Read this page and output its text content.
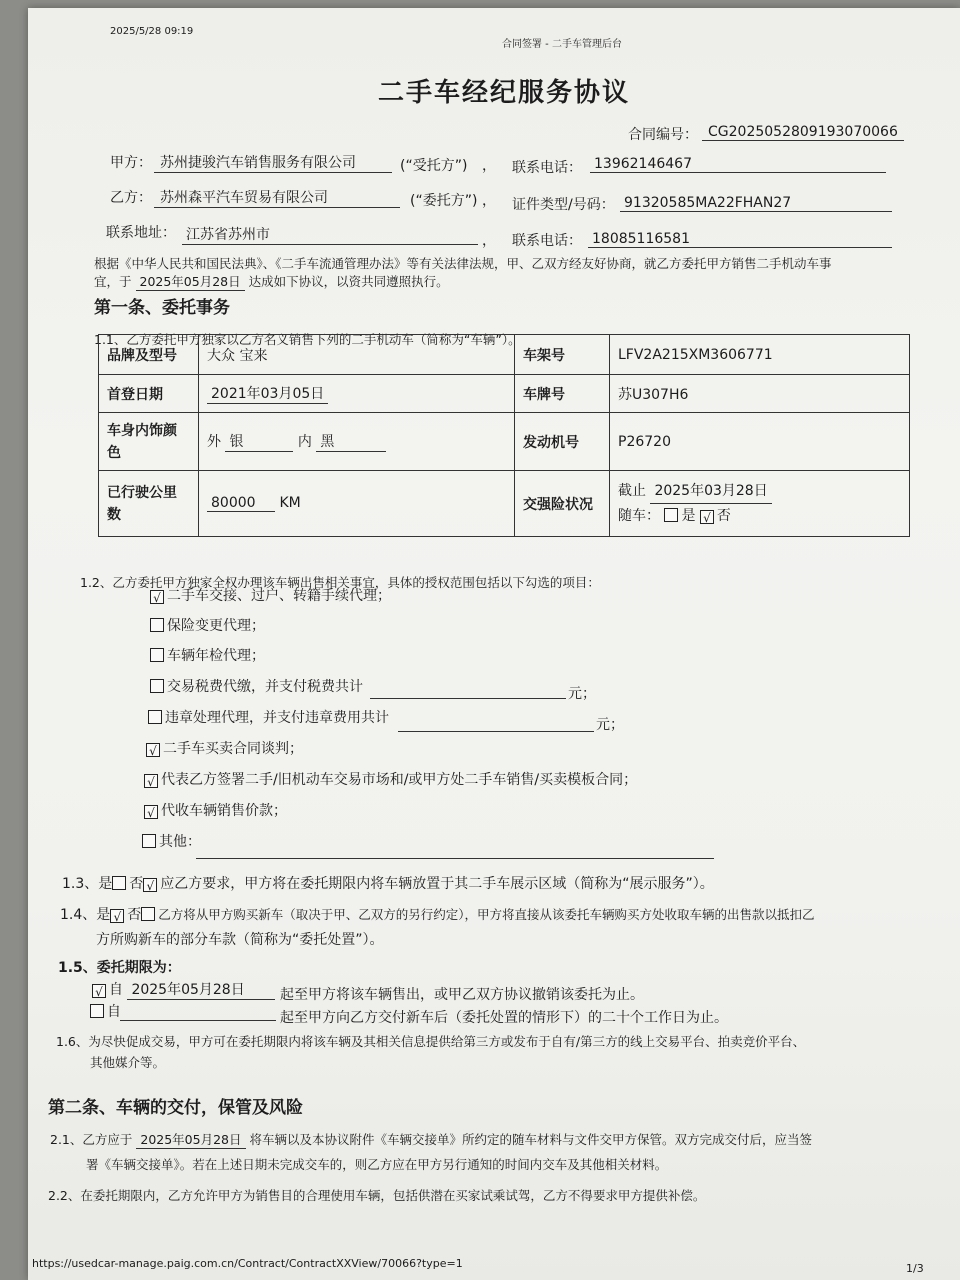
2025/5/28 09:19
合同签署 - 二手车管理后台
二手车经纪服务协议
合同编号： CG2025052809193070066
甲方： 苏州捷骏汽车销售服务有限公司	(“受托方”) ， 联系电话： 13962146467
乙方： 苏州森平汽车贸易有限公司	(“委托方”) ， 证件类型/号码： 91320585MA22FHAN27
联系地址： 江苏省苏州市	， 联系电话： 18085116581
根据《中华人民共和国民法典》、《二手车流通管理办法》等有关法律法规，甲、乙双方经友好协商，就乙方委托甲方销售二手机动车事
宜，于 2025年05月28日 达成如下协议，以资共同遵照执行。
第一条、委托事务
1.1、乙方委托甲方独家以乙方名义销售下列的二手机动车（简称为“车辆”）。
品牌及型号	大众 宝来	车架号	LFV2A215XM3606771
首登日期	2021年03月05日	车牌号	苏U307H6
车身内饰颜色	外 银 内 黑	发动机号	P26720
已行驶公里数	80000 KM	交强险状况	截止 2025年03月28日
随车： 是 √ 否
1.2、乙方委托甲方独家全权办理该车辆出售相关事宜，具体的授权范围包括以下勾选的项目：
√ 二手车交接、过户、转籍手续代理；
保险变更代理；
车辆年检代理；
交易税费代缴，并支付税费共计	元；
违章处理代理，并支付违章费用共计	元；
√ 二手车买卖合同谈判；
√ 代表乙方签署二手/旧机动车交易市场和/或甲方处二手车销售/买卖模板合同；
√ 代收车辆销售价款；
其他：
1.3、是 否 √ 应乙方要求，甲方将在委托期限内将车辆放置于其二手车展示区域（简称为“展示服务”）。
1.4、是 √ 否 乙方将从甲方购买新车（取决于甲、乙双方的另行约定），甲方将直接从该委托车辆购买方处收取车辆的出售款以抵扣乙
方所购新车的部分车款（简称为“委托处置”）。
1.5、委托期限为：
√ 自 2025年05月28日	起至甲方将该车辆售出，或甲乙双方协议撤销该委托为止。
自	起至甲方向乙方交付新车后（委托处置的情形下）的二十个工作日为止。
1.6、为尽快促成交易，甲方可在委托期限内将该车辆及其相关信息提供给第三方或发布于自有/第三方的线上交易平台、拍卖竞价平台、
其他媒介等。
第二条、车辆的交付，保管及风险
2.1、乙方应于 2025年05月28日 将车辆以及本协议附件《车辆交接单》所约定的随车材料与文件交甲方保管。双方完成交付后，应当签
署《车辆交接单》。若在上述日期未完成交车的，则乙方应在甲方另行通知的时间内交车及其他相关材料。
2.2、在委托期限内，乙方允许甲方为销售目的合理使用车辆，包括供潜在买家试乘试驾，乙方不得要求甲方提供补偿。
https://usedcar-manage.paig.com.cn/Contract/ContractXXView/70066?type=1	1/3
